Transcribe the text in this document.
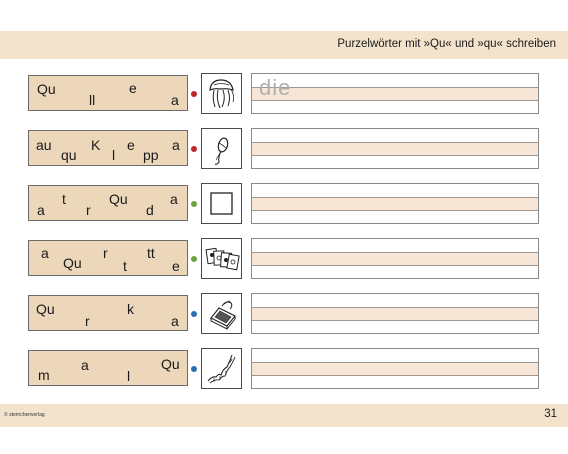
Purzelwörter mit »Qu« und »qu« schreiben
Qu
ll
e
a	die
au
qu
K
l
e
pp
a
a
t
r
Qu
d
a
a
Qu
r
t
tt
e
Qu
r
k
a
m
a
l
Qu
© sternchenverlag	31
